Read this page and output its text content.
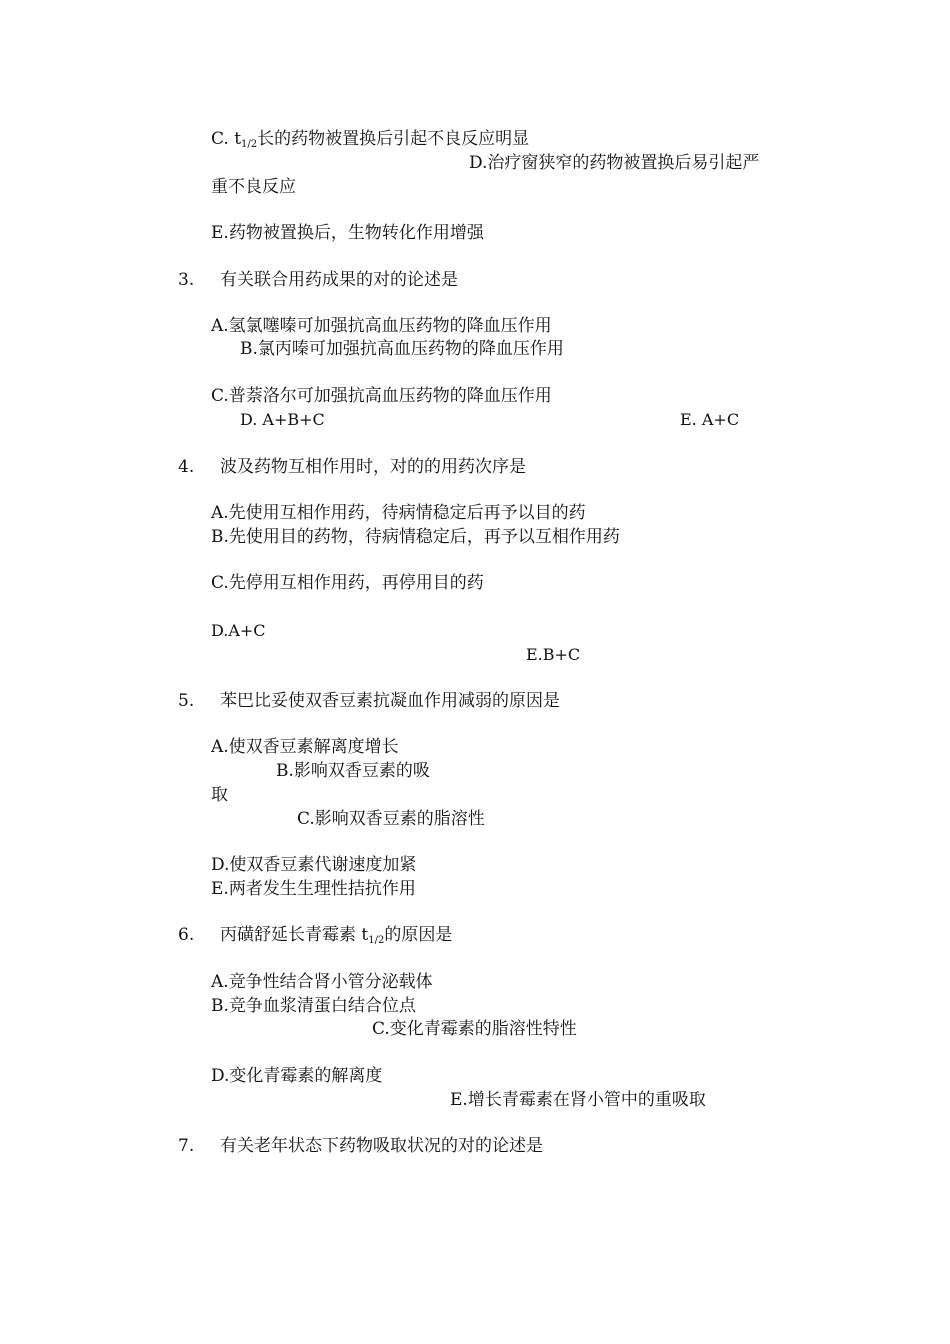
C. t1/2长的药物被置换后引起不良反应明显
D.治疗窗狭窄的药物被置换后易引起严
重不良反应
E.药物被置换后，生物转化作用增强
3. 有关联合用药成果的对的论述是
A.氢氯噻嗪可加强抗高血压药物的降血压作用
B.氯丙嗪可加强抗高血压药物的降血压作用
C.普萘洛尔可加强抗高血压药物的降血压作用
D. A+B+C	E. A+C
4. 波及药物互相作用时，对的的用药次序是
A.先使用互相作用药，待病情稳定后再予以目的药
B.先使用目的药物，待病情稳定后，再予以互相作用药
C.先停用互相作用药，再停用目的药
D.A+C
E.B+C
5. 苯巴比妥使双香豆素抗凝血作用减弱的原因是
A.使双香豆素解离度增长
B.影响双香豆素的吸
取
C.影响双香豆素的脂溶性
D.使双香豆素代谢速度加紧
E.两者发生生理性拮抗作用
6. 丙磺舒延长青霉素 t1/2的原因是
A.竞争性结合肾小管分泌载体
B.竞争血浆清蛋白结合位点
C.变化青霉素的脂溶性特性
D.变化青霉素的解离度
E.增长青霉素在肾小管中的重吸取
7. 有关老年状态下药物吸取状况的对的论述是
